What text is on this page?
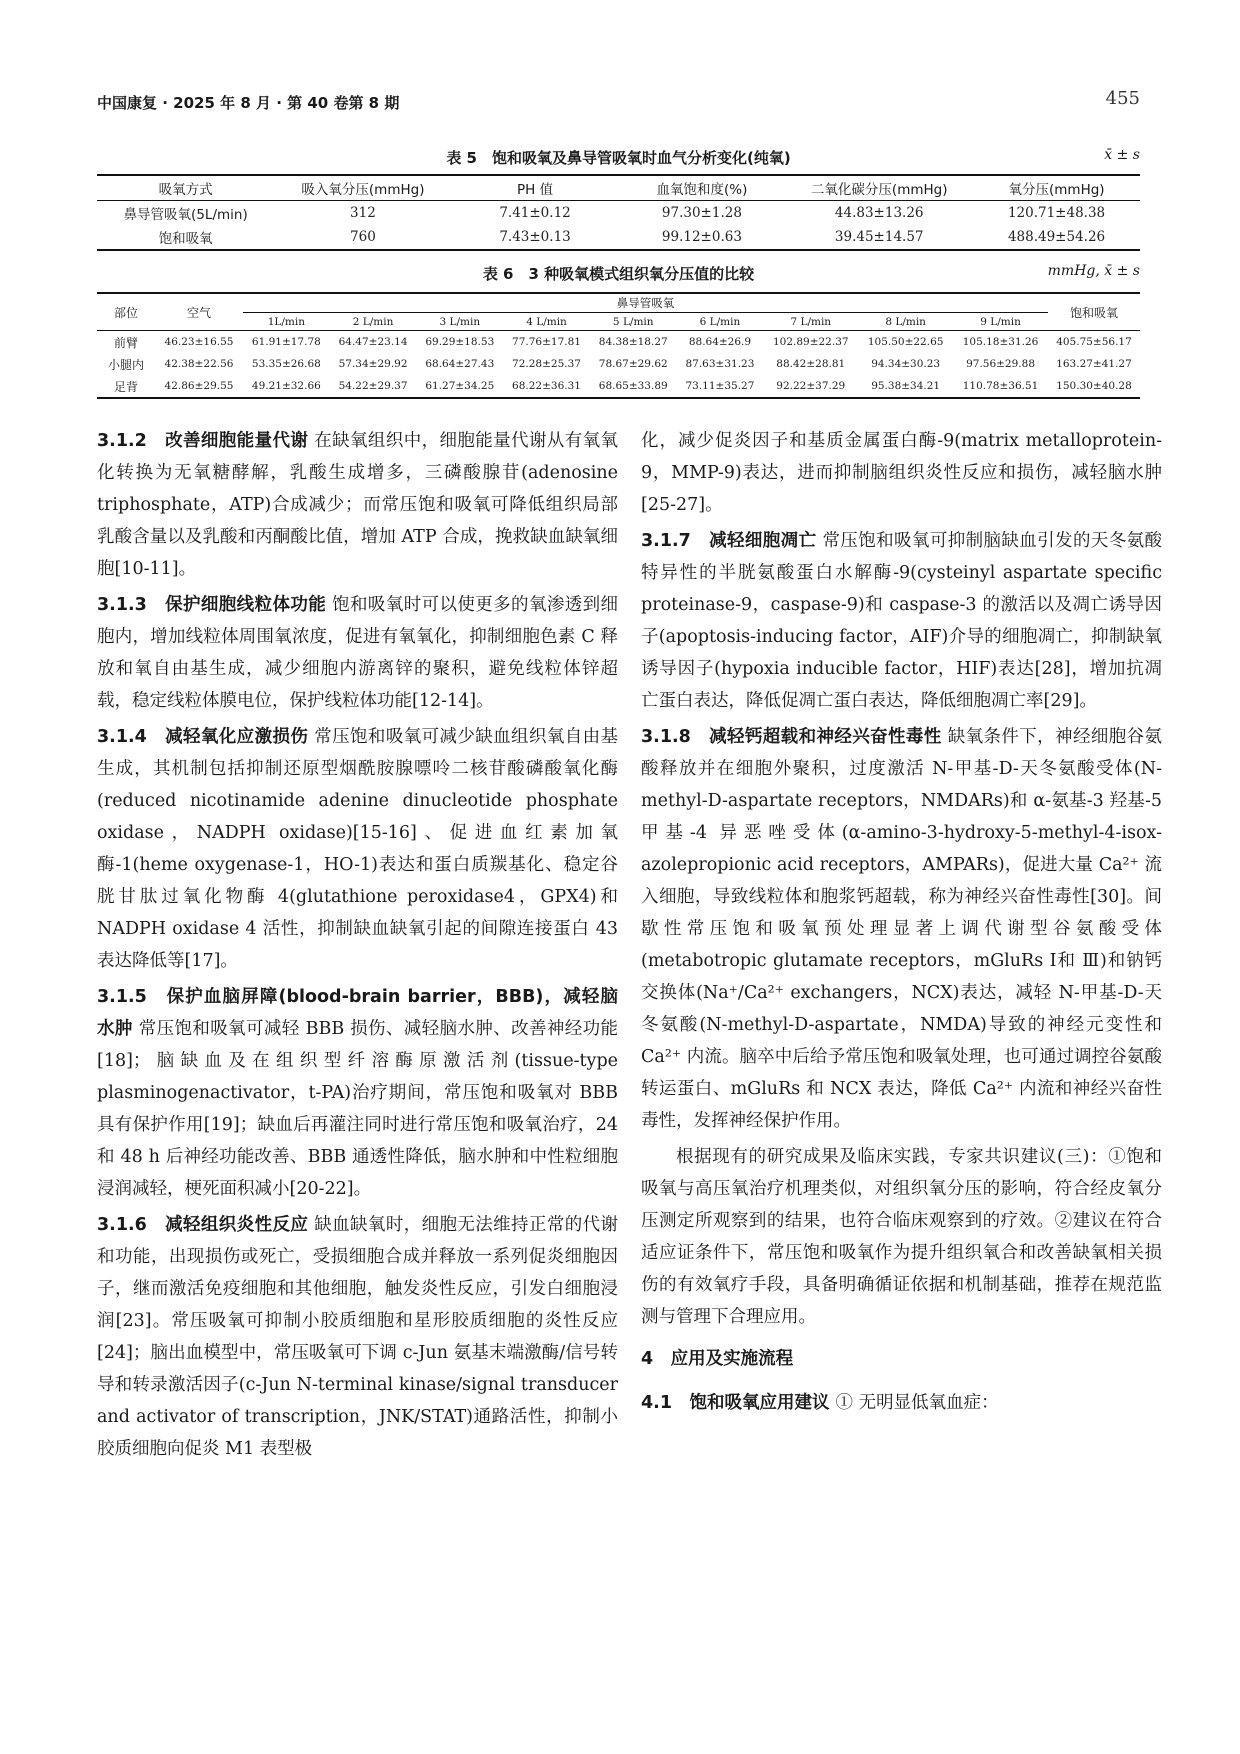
中国康复 · 2025 年 8 月 · 第 40 卷第 8 期	455
表 5　饱和吸氧及鼻导管吸氧时血气分析变化(纯氧)	x̄ ± s
吸氧方式	吸入氧分压(mmHg)	PH 值	血氧饱和度(%)	二氧化碳分压(mmHg)	氧分压(mmHg)
鼻导管吸氧(5L/min)	312	7.41±0.12	97.30±1.28	44.83±13.26	120.71±48.38
饱和吸氧	760	7.43±0.13	99.12±0.63	39.45±14.57	488.49±54.26
表 6　3 种吸氧模式组织氧分压值的比较	mmHg, x̄ ± s
部位	空气	鼻导管吸氧									饱和吸氧
		1L/min	2 L/min	3 L/min	4 L/min	5 L/min	6 L/min	7 L/min	8 L/min	9 L/min	
前臂	46.23±16.55	61.91±17.78	64.47±23.14	69.29±18.53	77.76±17.81	84.38±18.27	88.64±26.9	102.89±22.37	105.50±22.65	105.18±31.26	405.75±56.17
小腿内	42.38±22.56	53.35±26.68	57.34±29.92	68.64±27.43	72.28±25.37	78.67±29.62	87.63±31.23	88.42±28.81	94.34±30.23	97.56±29.88	163.27±41.27
足背	42.86±29.55	49.21±32.66	54.22±29.37	61.27±34.25	68.22±36.31	68.65±33.89	73.11±35.27	92.22±37.29	95.38±34.21	110.78±36.51	150.30±40.28

3.1.2　改善细胞能量代谢 在缺氧组织中，细胞能量代谢从有氧氧化转换为无氧糖酵解，乳酸生成增多，三磷酸腺苷(adenosine triphosphate，ATP)合成减少；而常压饱和吸氧可降低组织局部乳酸含量以及乳酸和丙酮酸比值，增加 ATP 合成，挽救缺血缺氧细胞[10-11]。

3.1.3　保护细胞线粒体功能 饱和吸氧时可以使更多的氧渗透到细胞内，增加线粒体周围氧浓度，促进有氧氧化，抑制细胞色素 C 释放和氧自由基生成，减少细胞内游离锌的聚积，避免线粒体锌超载，稳定线粒体膜电位，保护线粒体功能[12-14]。

3.1.4　减轻氧化应激损伤 常压饱和吸氧可减少缺血组织氧自由基生成，其机制包括抑制还原型烟酰胺腺嘌呤二核苷酸磷酸氧化酶(reduced nicotinamide adenine dinucleotide phosphate oxidase，NADPH oxidase)[15-16]、促进血红素加氧酶-1(heme oxygenase-1，HO-1)表达和蛋白质羰基化、稳定谷胱甘肽过氧化物酶 4(glutathione peroxidase4，GPX4)和 NADPH oxidase 4 活性，抑制缺血缺氧引起的间隙连接蛋白 43 表达降低等[17]。

3.1.5　保护血脑屏障(blood-brain barrier，BBB)，减轻脑水肿 常压饱和吸氧可减轻 BBB 损伤、减轻脑水肿、改善神经功能[18]；脑缺血及在组织型纤溶酶原激活剂(tissue-type plasminogenactivator，t-PA)治疗期间，常压饱和吸氧对 BBB 具有保护作用[19]；缺血后再灌注同时进行常压饱和吸氧治疗，24 和 48 h 后神经功能改善、BBB 通透性降低，脑水肿和中性粒细胞浸润减轻，梗死面积减小[20-22]。

3.1.6　减轻组织炎性反应 缺血缺氧时，细胞无法维持正常的代谢和功能，出现损伤或死亡，受损细胞合成并释放一系列促炎细胞因子，继而激活免疫细胞和其他细胞，触发炎性反应，引发白细胞浸润[23]。常压吸氧可抑制小胶质细胞和星形胶质细胞的炎性反应[24]；脑出血模型中，常压吸氧可下调 c-Jun 氨基末端激酶/信号转导和转录激活因子(c-Jun N-terminal kinase/signal transducer and activator of transcription，JNK/STAT)通路活性，抑制小胶质细胞向促炎 M1 表型极

化，减少促炎因子和基质金属蛋白酶-9(matrix metalloprotein-9，MMP-9)表达，进而抑制脑组织炎性反应和损伤，减轻脑水肿[25-27]。

3.1.7　减轻细胞凋亡 常压饱和吸氧可抑制脑缺血引发的天冬氨酸特异性的半胱氨酸蛋白水解酶-9(cysteinyl aspartate specific proteinase-9，caspase-9)和 caspase-3 的激活以及凋亡诱导因子(apoptosis-inducing factor，AIF)介导的细胞凋亡，抑制缺氧诱导因子(hypoxia inducible factor，HIF)表达[28]，增加抗凋亡蛋白表达，降低促凋亡蛋白表达，降低细胞凋亡率[29]。

3.1.8　减轻钙超载和神经兴奋性毒性 缺氧条件下，神经细胞谷氨酸释放并在细胞外聚积，过度激活 N-甲基-D-天冬氨酸受体(N-methyl-D-aspartate receptors，NMDARs)和 α-氨基-3 羟基-5 甲基-4 异恶唑受体(α-amino-3-hydroxy-5-methyl-4-isox-azolepropionic acid receptors，AMPARs)，促进大量 Ca²⁺ 流入细胞，导致线粒体和胞浆钙超载，称为神经兴奋性毒性[30]。间歇性常压饱和吸氧预处理显著上调代谢型谷氨酸受体(metabotropic glutamate receptors，mGluRs Ⅰ和 Ⅲ)和钠钙交换体(Na⁺/Ca²⁺ exchangers，NCX)表达，减轻 N-甲基-D-天冬氨酸(N-methyl-D-aspartate，NMDA)导致的神经元变性和 Ca²⁺ 内流。脑卒中后给予常压饱和吸氧处理，也可通过调控谷氨酸转运蛋白、mGluRs 和 NCX 表达，降低 Ca²⁺ 内流和神经兴奋性毒性，发挥神经保护作用。

根据现有的研究成果及临床实践，专家共识建议(三)：①饱和吸氧与高压氧治疗机理类似，对组织氧分压的影响，符合经皮氧分压测定所观察到的结果，也符合临床观察到的疗效。②建议在符合适应证条件下，常压饱和吸氧作为提升组织氧合和改善缺氧相关损伤的有效氧疗手段，具备明确循证依据和机制基础，推荐在规范监测与管理下合理应用。

4　应用及实施流程

4.1　饱和吸氧应用建议 ① 无明显低氧血症：
